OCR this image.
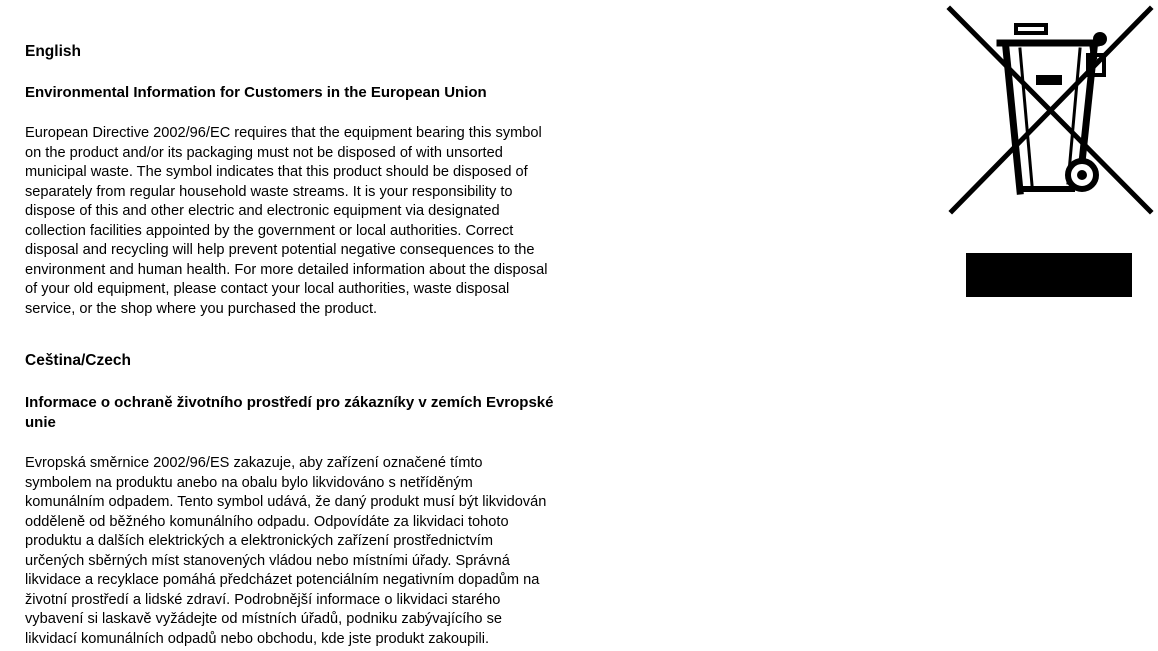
English
Environmental Information for Customers in the European Union
European Directive 2002/96/EC requires that the equipment bearing this symbol
on the product and/or its packaging must not be disposed of with unsorted
municipal waste. The symbol indicates that this product should be disposed of
separately from regular household waste streams. It is your responsibility to
dispose of this and other electric and electronic equipment via designated
collection facilities appointed by the government or local authorities. Correct
disposal and recycling will help prevent potential negative consequences to the
environment and human health. For more detailed information about the disposal
of your old equipment, please contact your local authorities, waste disposal
service, or the shop where you purchased the product.
Ceština/Czech
Informace o ochraně životního prostředí pro zákazníky v zemích Evropské
unie
Evropská směrnice 2002/96/ES zakazuje, aby zařízení označené tímto
symbolem na produktu anebo na obalu bylo likvidováno s netříděným
komunálním odpadem. Tento symbol udává, že daný produkt musí být likvidován
odděleně od běžného komunálního odpadu. Odpovídáte za likvidaci tohoto
produktu a dalších elektrických a elektronických zařízení prostřednictvím
určených sběrných míst stanovených vládou nebo místními úřady. Správná
likvidace a recyklace pomáhá předcházet potenciálním negativním dopadům na
životní prostředí a lidské zdraví. Podrobnější informace o likvidaci starého
vybavení si laskavě vyžádejte od místních úřadů, podniku zabývajícího se
likvidací komunálních odpadů nebo obchodu, kde jste produkt zakoupili.
